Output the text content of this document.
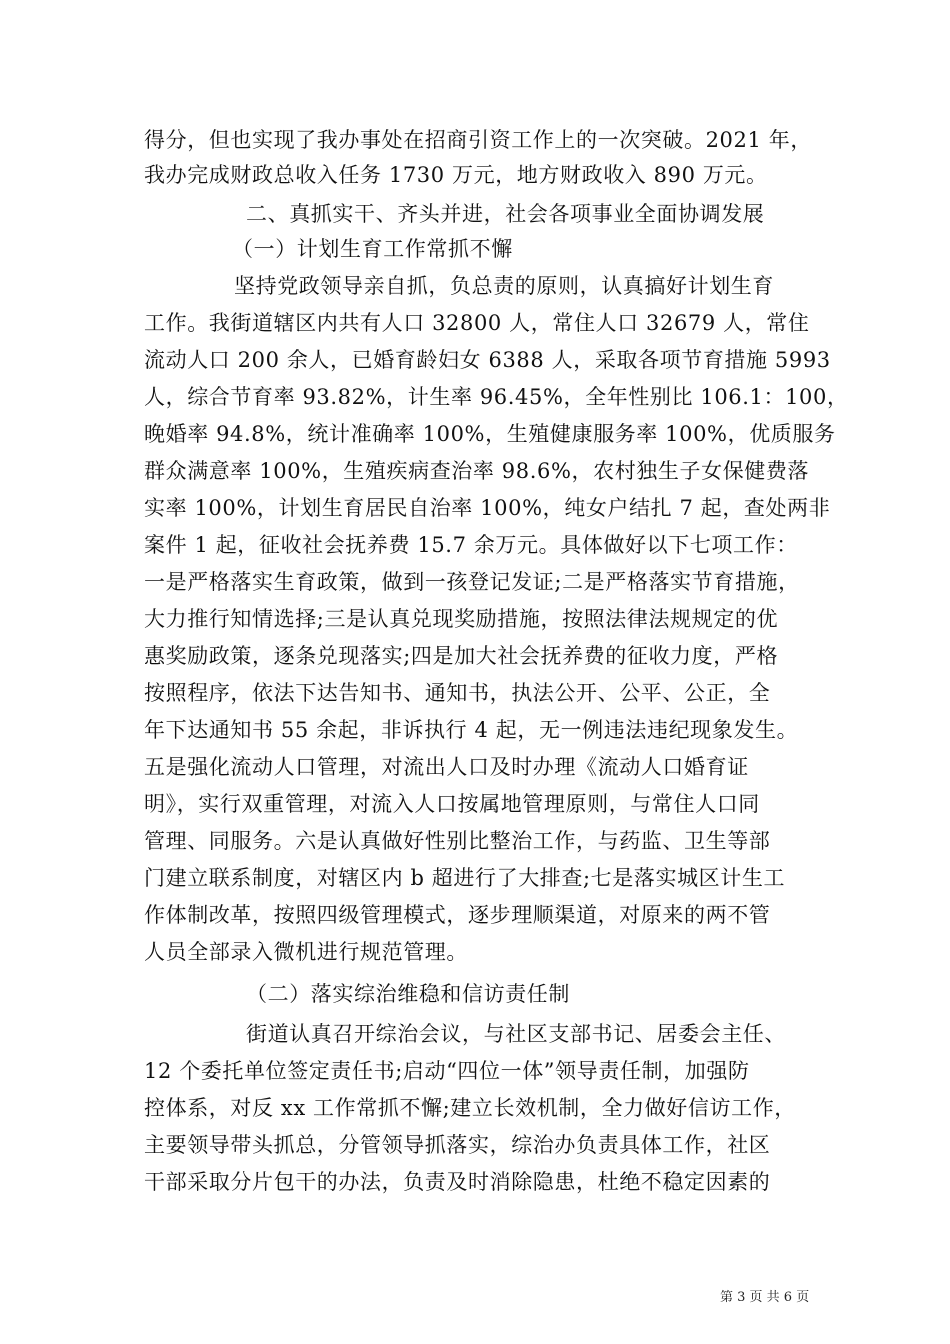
得分，但也实现了我办事处在招商引资工作上的一次突破。2021 年，
我办完成财政总收入任务 1730 万元，地方财政收入 890 万元。
二、真抓实干、齐头并进，社会各项事业全面协调发展
（一）计划生育工作常抓不懈
坚持党政领导亲自抓，负总责的原则，认真搞好计划生育
工作。我街道辖区内共有人口 32800 人，常住人口 32679 人，常住
流动人口 200 余人，已婚育龄妇女 6388 人，采取各项节育措施 5993
人，综合节育率 93.82%，计生率 96.45%，全年性别比 106.1：100，
晚婚率 94.8%，统计准确率 100%，生殖健康服务率 100%，优质服务
群众满意率 100%，生殖疾病查治率 98.6%，农村独生子女保健费落
实率 100%，计划生育居民自治率 100%，纯女户结扎 7 起，查处两非
案件 1 起，征收社会抚养费 15.7 余万元。具体做好以下七项工作：
一是严格落实生育政策，做到一孩登记发证;二是严格落实节育措施，
大力推行知情选择;三是认真兑现奖励措施，按照法律法规规定的优
惠奖励政策，逐条兑现落实;四是加大社会抚养费的征收力度，严格
按照程序，依法下达告知书、通知书，执法公开、公平、公正，全
年下达通知书 55 余起，非诉执行 4 起，无一例违法违纪现象发生。
五是强化流动人口管理，对流出人口及时办理《流动人口婚育证
明》，实行双重管理，对流入人口按属地管理原则，与常住人口同
管理、同服务。六是认真做好性别比整治工作，与药监、卫生等部
门建立联系制度，对辖区内 b 超进行了大排查;七是落实城区计生工
作体制改革，按照四级管理模式，逐步理顺渠道，对原来的两不管
人员全部录入微机进行规范管理。
（二）落实综治维稳和信访责任制
街道认真召开综治会议，与社区支部书记、居委会主任、
12 个委托单位签定责任书;启动“四位一体”领导责任制，加强防
控体系，对反 xx 工作常抓不懈;建立长效机制，全力做好信访工作，
主要领导带头抓总，分管领导抓落实，综治办负责具体工作，社区
干部采取分片包干的办法，负责及时消除隐患，杜绝不稳定因素的
第 3 页 共 6 页
